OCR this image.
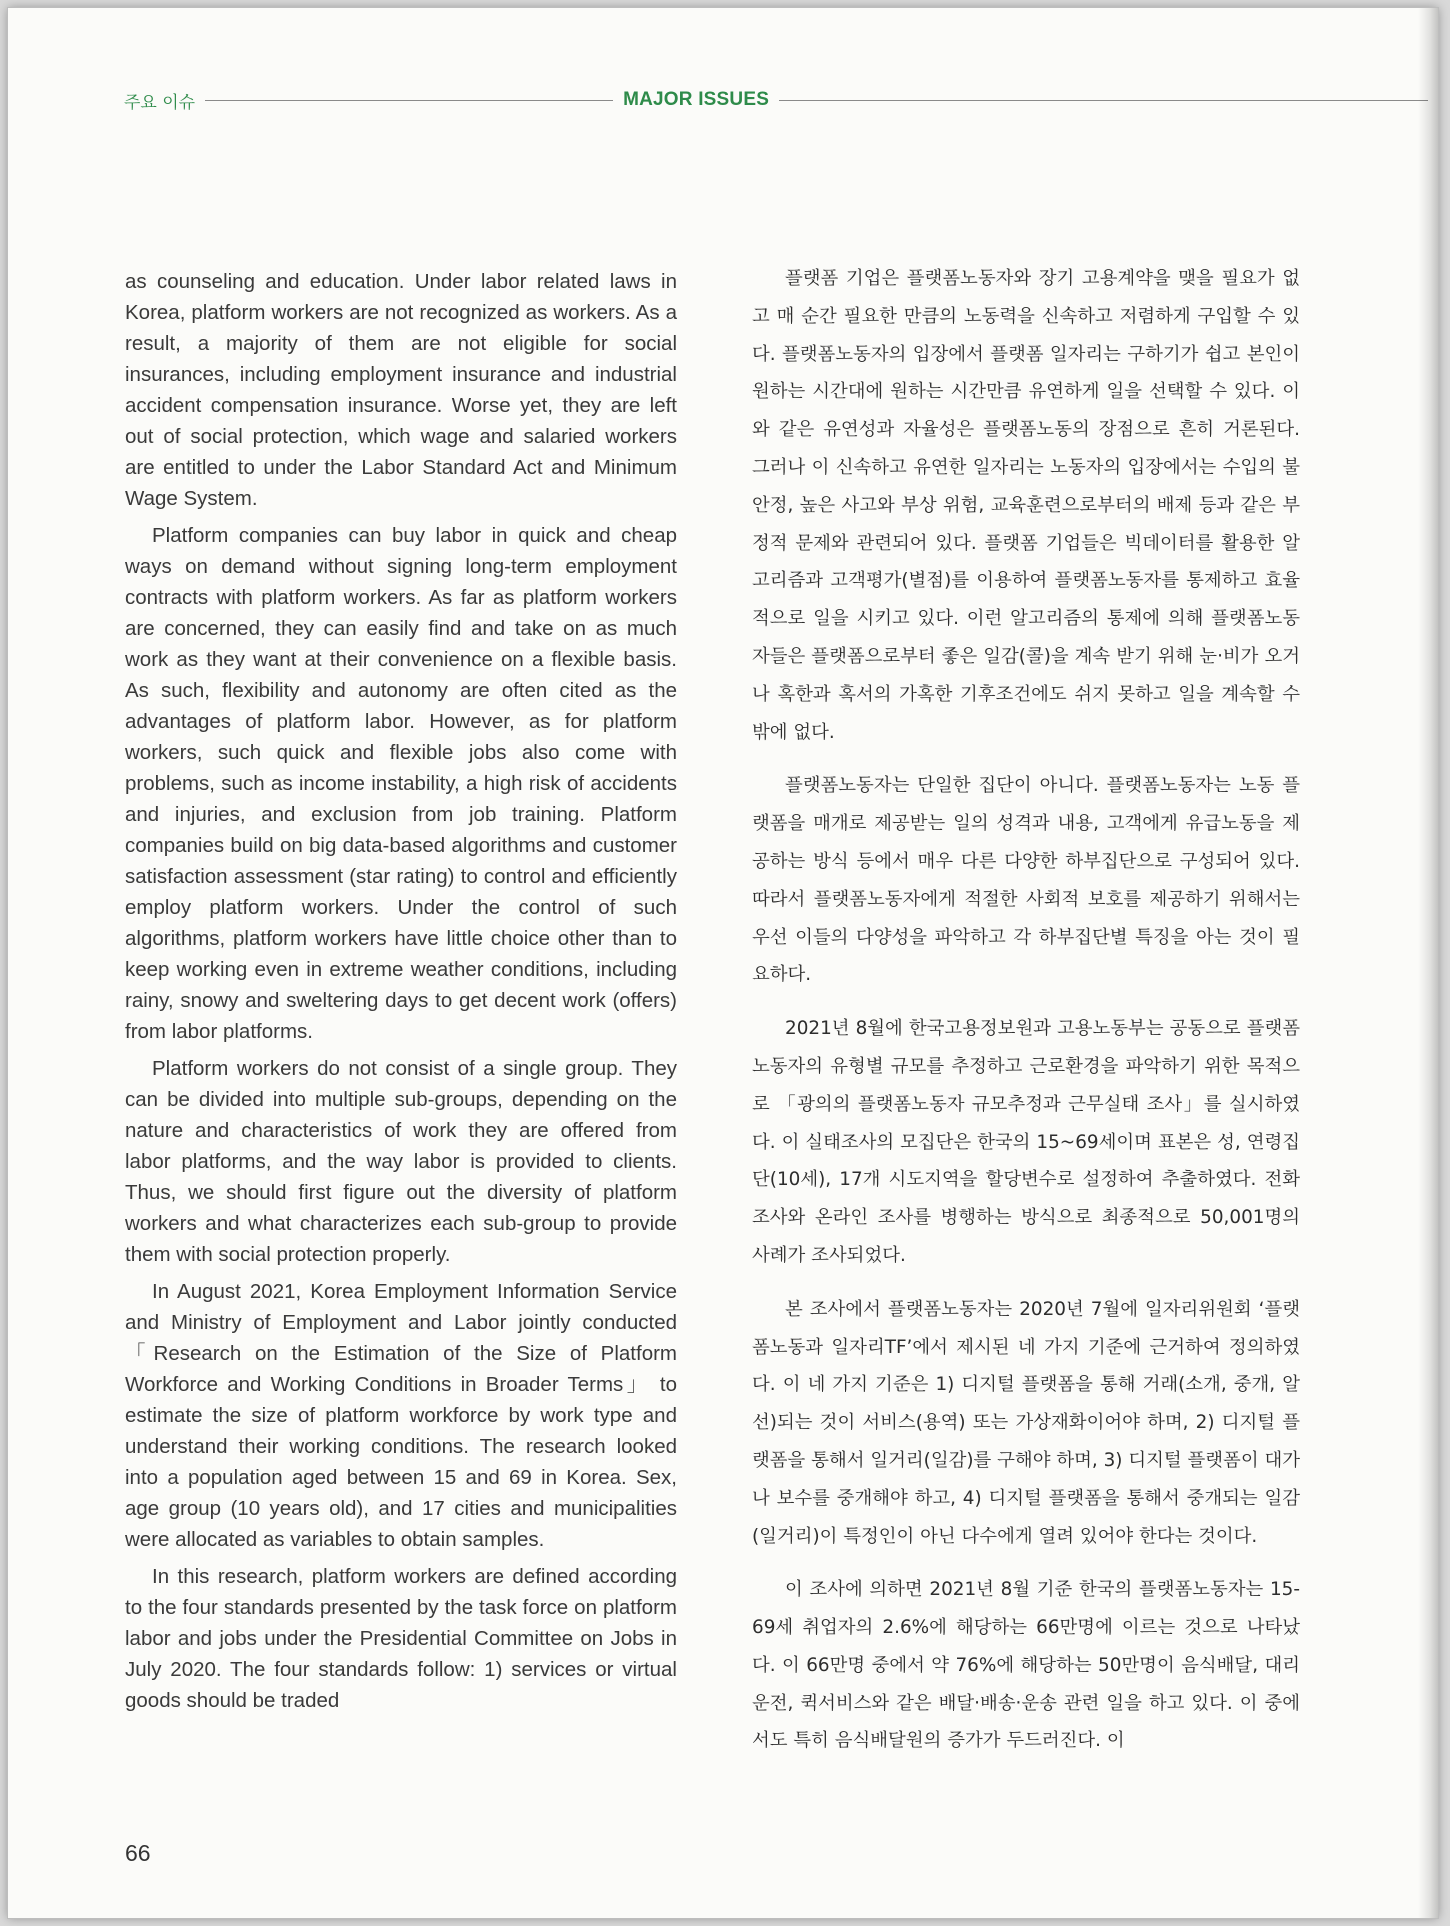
주요 이슈	MAJOR ISSUES

as counseling and education. Under labor related laws in Korea, platform workers are not recognized as workers. As a result, a majority of them are not eligible for social insurances, including employment insurance and industrial accident compensation insurance. Worse yet, they are left out of social protection, which wage and salaried workers are entitled to under the Labor Standard Act and Minimum Wage System.

Platform companies can buy labor in quick and cheap ways on demand without signing long-term employment contracts with platform workers. As far as platform workers are concerned, they can easily find and take on as much work as they want at their convenience on a flexible basis. As such, flexibility and autonomy are often cited as the advantages of platform labor. However, as for platform workers, such quick and flexible jobs also come with problems, such as income instability, a high risk of accidents and injuries, and exclusion from job training. Platform companies build on big data-based algorithms and customer satisfaction assessment (star rating) to control and efficiently employ platform workers. Under the control of such algorithms, platform workers have little choice other than to keep working even in extreme weather conditions, including rainy, snowy and sweltering days to get decent work (offers) from labor platforms.

Platform workers do not consist of a single group. They can be divided into multiple sub-groups, depending on the nature and characteristics of work they are offered from labor platforms, and the way labor is provided to clients. Thus, we should first figure out the diversity of platform workers and what characterizes each sub-group to provide them with social protection properly.

In August 2021, Korea Employment Information Service and Ministry of Employment and Labor jointly conducted 「Research on the Estimation of the Size of Platform Workforce and Working Conditions in Broader Terms」 to estimate the size of platform workforce by work type and understand their working conditions. The research looked into a population aged between 15 and 69 in Korea. Sex, age group (10 years old), and 17 cities and municipalities were allocated as variables to obtain samples.

In this research, platform workers are defined according to the four standards presented by the task force on platform labor and jobs under the Presidential Committee on Jobs in July 2020. The four standards follow: 1) services or virtual goods should be traded

플랫폼 기업은 플랫폼노동자와 장기 고용계약을 맺을 필요가 없고 매 순간 필요한 만큼의 노동력을 신속하고 저렴하게 구입할 수 있다. 플랫폼노동자의 입장에서 플랫폼 일자리는 구하기가 쉽고 본인이 원하는 시간대에 원하는 시간만큼 유연하게 일을 선택할 수 있다. 이와 같은 유연성과 자율성은 플랫폼노동의 장점으로 흔히 거론된다. 그러나 이 신속하고 유연한 일자리는 노동자의 입장에서는 수입의 불안정, 높은 사고와 부상 위험, 교육훈련으로부터의 배제 등과 같은 부정적 문제와 관련되어 있다. 플랫폼 기업들은 빅데이터를 활용한 알고리즘과 고객평가(별점)를 이용하여 플랫폼노동자를 통제하고 효율적으로 일을 시키고 있다. 이런 알고리즘의 통제에 의해 플랫폼노동자들은 플랫폼으로부터 좋은 일감(콜)을 계속 받기 위해 눈·비가 오거나 혹한과 혹서의 가혹한 기후조건에도 쉬지 못하고 일을 계속할 수밖에 없다.

플랫폼노동자는 단일한 집단이 아니다. 플랫폼노동자는 노동 플랫폼을 매개로 제공받는 일의 성격과 내용, 고객에게 유급노동을 제공하는 방식 등에서 매우 다른 다양한 하부집단으로 구성되어 있다. 따라서 플랫폼노동자에게 적절한 사회적 보호를 제공하기 위해서는 우선 이들의 다양성을 파악하고 각 하부집단별 특징을 아는 것이 필요하다.

2021년 8월에 한국고용정보원과 고용노동부는 공동으로 플랫폼노동자의 유형별 규모를 추정하고 근로환경을 파악하기 위한 목적으로 「광의의 플랫폼노동자 규모추정과 근무실태 조사」를 실시하였다. 이 실태조사의 모집단은 한국의 15~69세이며 표본은 성, 연령집단(10세), 17개 시도지역을 할당변수로 설정하여 추출하였다. 전화조사와 온라인 조사를 병행하는 방식으로 최종적으로 50,001명의 사례가 조사되었다.

본 조사에서 플랫폼노동자는 2020년 7월에 일자리위원회 ‘플랫폼노동과 일자리TF’에서 제시된 네 가지 기준에 근거하여 정의하였다. 이 네 가지 기준은 1) 디지털 플랫폼을 통해 거래(소개, 중개, 알선)되는 것이 서비스(용역) 또는 가상재화이어야 하며, 2) 디지털 플랫폼을 통해서 일거리(일감)를 구해야 하며, 3) 디지털 플랫폼이 대가나 보수를 중개해야 하고, 4) 디지털 플랫폼을 통해서 중개되는 일감(일거리)이 특정인이 아닌 다수에게 열려 있어야 한다는 것이다.

이 조사에 의하면 2021년 8월 기준 한국의 플랫폼노동자는 15-69세 취업자의 2.6%에 해당하는 66만명에 이르는 것으로 나타났다. 이 66만명 중에서 약 76%에 해당하는 50만명이 음식배달, 대리운전, 퀵서비스와 같은 배달·배송·운송 관련 일을 하고 있다. 이 중에서도 특히 음식배달원의 증가가 두드러진다. 이

66
